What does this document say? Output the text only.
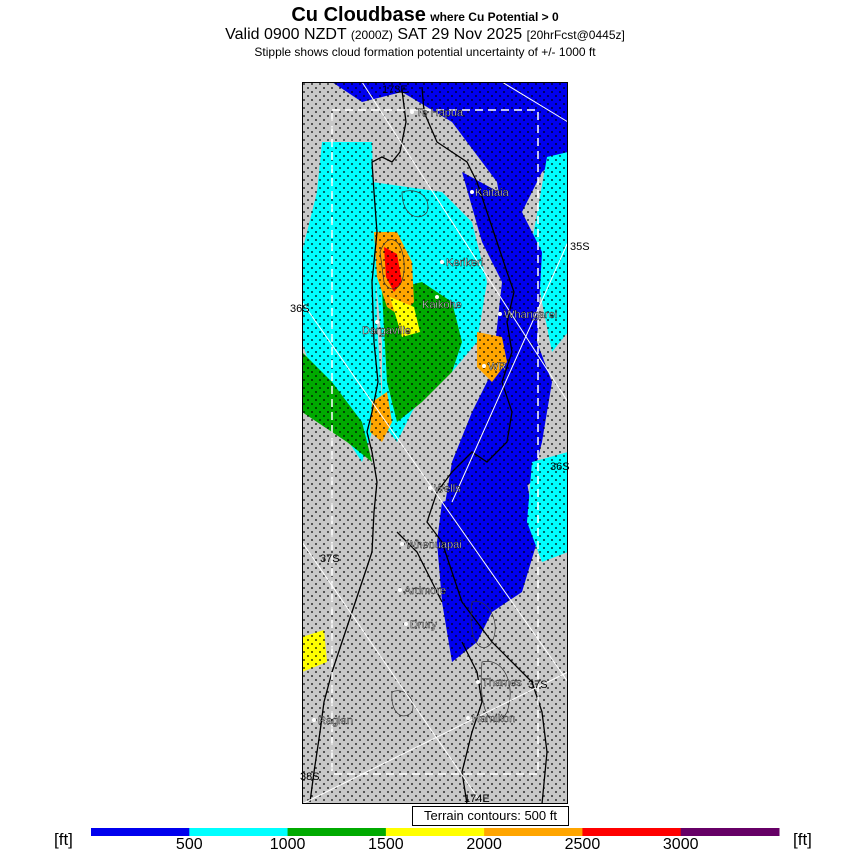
Cu Cloudbase where Cu Potential > 0
Valid 0900 NZDT (2000Z) SAT 29 Nov 2025 [20hrFcst@0445z]
Stipple shows cloud formation potential uncertainty of +/- 1000 ft
173E
35S
36S
36S
37S
37S
38S
174E
Te Hapua
Kaitaia
Kerikeri
Kaikohe
Whangarei
Dargaville
WR
Wells
Whenuapai
Ardmore
Drury
Thames
Raglan	Hamilton
Terrain contours: 500 ft
[ft]	[ft]
500	1000	1500	2000	2500	3000
